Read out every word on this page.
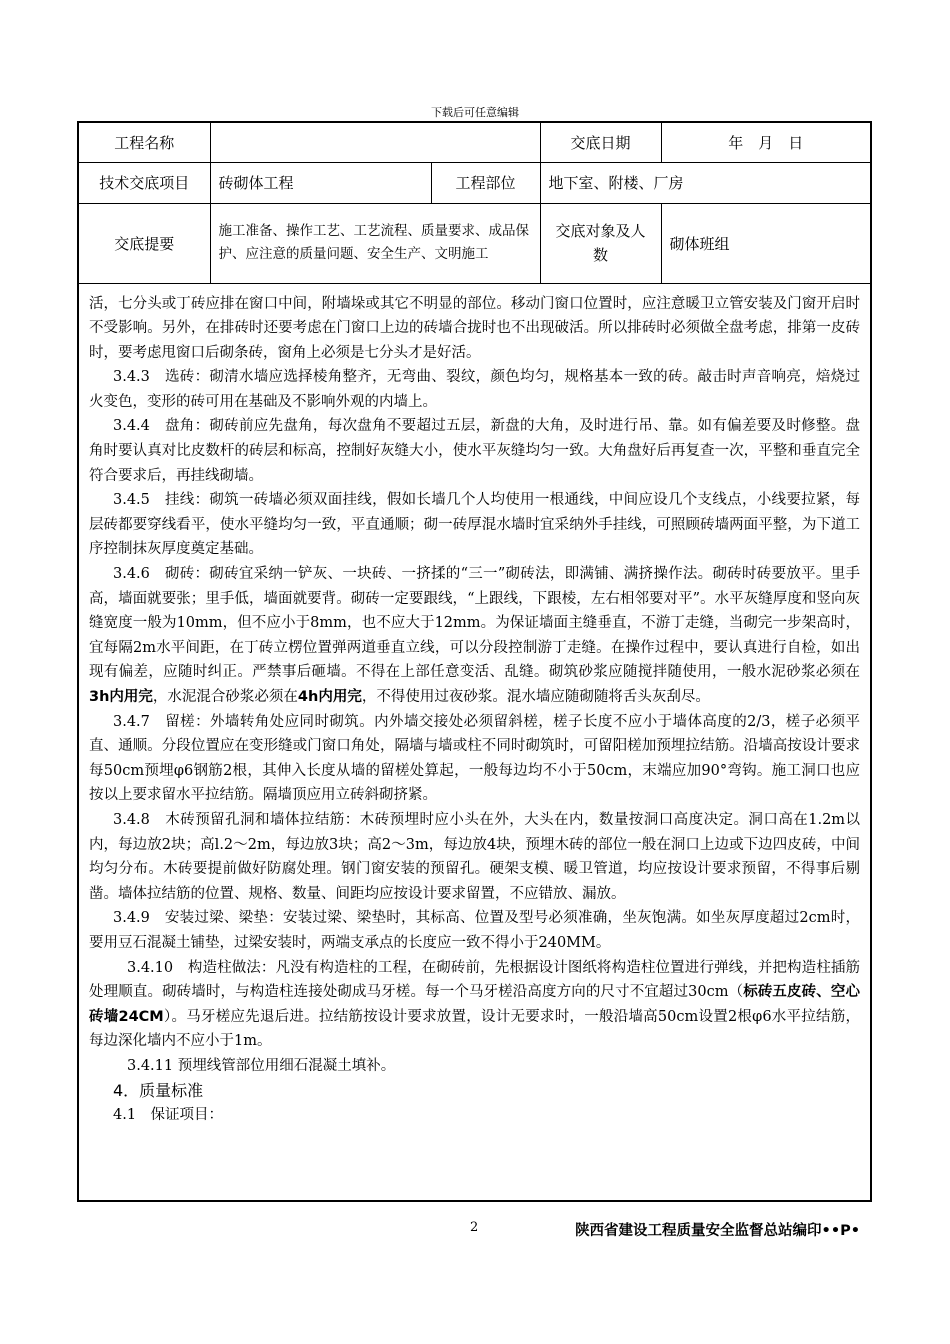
下载后可任意编辑
工程名称			交底日期	年　月　日
技术交底项目	砖砌体工程	工程部位	地下室、附楼、厂房	
交底提要	施工准备、操作工艺、工艺流程、质量要求、成品保护、应注意的质量问题、安全生产、文明施工		交底对象及人数	砌体班组

活，七分头或丁砖应排在窗口中间，附墙垛或其它不明显的部位。移动门窗口位置时，应注意暖卫立管安装及门窗开启时不受影响。另外，在排砖时还要考虑在门窗口上边的砖墙合拢时也不出现破活。所以排砖时必须做全盘考虑，排第一皮砖时，要考虑甩窗口后砌条砖，窗角上必须是七分头才是好活。

3.4.3　选砖：砌清水墙应选择棱角整齐，无弯曲、裂纹，颜色均匀，规格基本一致的砖。敲击时声音响亮，焙烧过火变色，变形的砖可用在基础及不影响外观的内墙上。

3.4.4　盘角：砌砖前应先盘角，每次盘角不要超过五层，新盘的大角，及时进行吊、靠。如有偏差要及时修整。盘角时要认真对比皮数杆的砖层和标高，控制好灰缝大小，使水平灰缝均匀一致。大角盘好后再复查一次，平整和垂直完全符合要求后，再挂线砌墙。

3.4.5　挂线：砌筑一砖墙必须双面挂线，假如长墙几个人均使用一根通线，中间应设几个支线点，小线要拉紧，每层砖都要穿线看平，使水平缝均匀一致，平直通顺；砌一砖厚混水墙时宜采纳外手挂线，可照顾砖墙两面平整，为下道工序控制抹灰厚度奠定基础。

3.4.6　砌砖：砌砖宜采纳一铲灰、一块砖、一挤揉的“三一”砌砖法，即满铺、满挤操作法。砌砖时砖要放平。里手高，墙面就要张；里手低，墙面就要背。砌砖一定要跟线，“上跟线，下跟棱，左右相邻要对平”。水平灰缝厚度和竖向灰缝宽度一般为10mm，但不应小于8mm，也不应大于12mm。为保证墙面主缝垂直，不游丁走缝，当砌完一步架高时，宜每隔2m水平间距，在丁砖立楞位置弹两道垂直立线，可以分段控制游丁走缝。在操作过程中，要认真进行自检，如出现有偏差，应随时纠正。严禁事后砸墙。不得在上部任意变活、乱缝。砌筑砂浆应随搅拌随使用，一般水泥砂浆必须在3h内用完，水泥混合砂浆必须在4h内用完，不得使用过夜砂浆。混水墙应随砌随将舌头灰刮尽。

3.4.7　留槎：外墙转角处应同时砌筑。内外墙交接处必须留斜槎，槎子长度不应小于墙体高度的2/3，槎子必须平直、通顺。分段位置应在变形缝或门窗口角处，隔墙与墙或柱不同时砌筑时，可留阳槎加预埋拉结筋。沿墙高按设计要求每50cm预埋φ6钢筋2根，其伸入长度从墙的留槎处算起，一般每边均不小于50cm，末端应加90°弯钩。施工洞口也应按以上要求留水平拉结筋。隔墙顶应用立砖斜砌挤紧。

3.4.8　木砖预留孔洞和墙体拉结筋：木砖预埋时应小头在外，大头在内，数量按洞口高度决定。洞口高在1.2m以内，每边放2块；高l.2～2m，每边放3块；高2～3m，每边放4块，预埋木砖的部位一般在洞口上边或下边四皮砖，中间均匀分布。木砖要提前做好防腐处理。钢门窗安装的预留孔。硬架支模、暖卫管道，均应按设计要求预留，不得事后剔凿。墙体拉结筋的位置、规格、数量、间距均应按设计要求留置，不应错放、漏放。

3.4.9　安装过梁、梁垫：安装过梁、梁垫时，其标高、位置及型号必须准确，坐灰饱满。如坐灰厚度超过2cm时，要用豆石混凝土铺垫，过梁安装时，两端支承点的长度应一致不得小于240MM。

3.4.10　构造柱做法：凡没有构造柱的工程，在砌砖前，先根据设计图纸将构造柱位置进行弹线，并把构造柱插筋处理顺直。砌砖墙时，与构造柱连接处砌成马牙槎。每一个马牙槎沿高度方向的尺寸不宜超过30cm（标砖五皮砖、空心砖墙24CM）。马牙槎应先退后进。拉结筋按设计要求放置，设计无要求时，一般沿墙高50cm设置2根φ6水平拉结筋，每边深化墙内不应小于1m。

3.4.11 预埋线管部位用细石混凝土填补。

4．质量标准

4.1　保证项目：

2	陕西省建设工程质量安全监督总站编印••P•
